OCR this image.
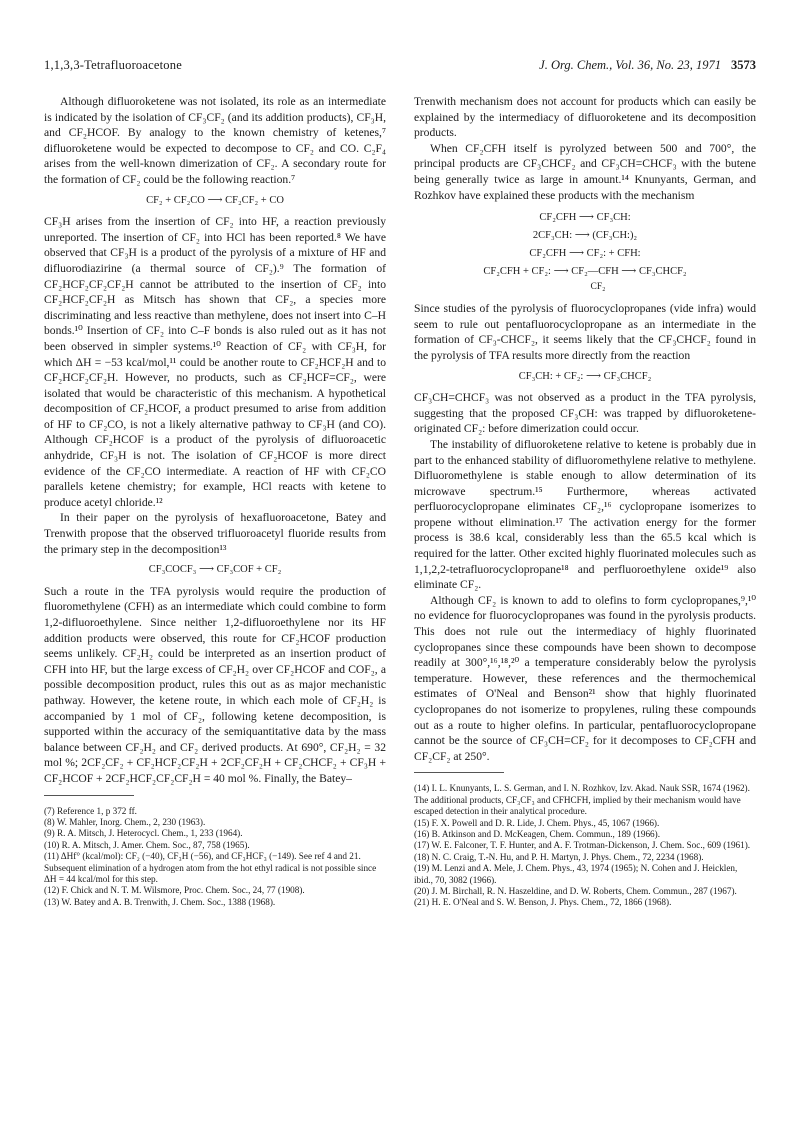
1,1,3,3-Tetrafluoroacetone	J. Org. Chem., Vol. 36, No. 23, 1971 3573

Although difluoroketene was not isolated, its role as an intermediate is indicated by the isolation of CF₃CF₂ (and its addition products), CF₃H, and CF₂HCOF. By analogy to the known chemistry of ketenes,⁷ difluoroketene would be expected to decompose to CF₂ and CO. C₂F₄ arises from the well-known dimerization of CF₂. A secondary route for the formation of CF₂ could be the following reaction.⁷

CF₂ + CF₂CO ⟶ CF₂CF₂ + CO

CF₃H arises from the insertion of CF₂ into HF, a reaction previously unreported. The insertion of CF₂ into HCl has been reported.⁸ We have observed that CF₃H is a product of the pyrolysis of a mixture of HF and difluorodiazirine (a thermal source of CF₂).⁹ The formation of CF₂HCF₂CF₂CF₂H cannot be attributed to the insertion of CF₂ into CF₂HCF₂CF₂H as Mitsch has shown that CF₂, a species more discriminating and less reactive than methylene, does not insert into C–H bonds.¹⁰ Insertion of CF₂ into C–F bonds is also ruled out as it has not been observed in simpler systems.¹⁰ Reaction of CF₂ with CF₃H, for which ΔH = −53 kcal/mol,¹¹ could be another route to CF₂HCF₂H and to CF₂HCF₂CF₂H. However, no products, such as CF₂HCF=CF₂, were isolated that would be characteristic of this mechanism. A hypothetical decomposition of CF₂HCOF, a product presumed to arise from addition of HF to CF₂CO, is not a likely alternative pathway to CF₃H (and CO). Although CF₂HCOF is a product of the pyrolysis of difluoroacetic anhydride, CF₃H is not. The isolation of CF₂HCOF is more direct evidence of the CF₂CO intermediate. A reaction of HF with CF₂CO parallels ketene chemistry; for example, HCl reacts with ketene to produce acetyl chloride.¹²

In their paper on the pyrolysis of hexafluoroacetone, Batey and Trenwith propose that the observed trifluoroacetyl fluoride results from the primary step in the decomposition¹³

CF₃COCF₃ ⟶ CF₃COF + CF₂

Such a route in the TFA pyrolysis would require the production of fluoromethylene (CFH) as an intermediate which could combine to form 1,2-difluoroethylene. Since neither 1,2-difluoroethylene nor its HF addition products were observed, this route for CF₂HCOF production seems unlikely. CF₂H₂ could be interpreted as an insertion product of CFH into HF, but the large excess of CF₂H₂ over CF₂HCOF and COF₂, a possible decomposition product, rules this out as as major mechanistic pathway. However, the ketene route, in which each mole of CF₂H₂ is accompanied by 1 mol of CF₂, following ketene decomposition, is supported within the accuracy of the semiquantitative data by the mass balance between CF₂H₂ and CF₂ derived products. At 690°, CF₂H₂ = 32 mol %; 2CF₂CF₂ + CF₂HCF₂CF₂H + 2CF₂CF₂H + CF₂CHCF₂ + CF₃H + CF₂HCOF + 2CF₂HCF₂CF₂CF₂H = 40 mol %. Finally, the Batey–

(7) Reference 1, p 372 ff.
(8) W. Mahler, Inorg. Chem., 2, 230 (1963).
(9) R. A. Mitsch, J. Heterocycl. Chem., 1, 233 (1964).
(10) R. A. Mitsch, J. Amer. Chem. Soc., 87, 758 (1965).
(11) ΔHf° (kcal/mol): CF₂ (−40), CF₃H (−56), and CF₃HCF₃ (−149). See ref 4 and 21. Subsequent elimination of a hydrogen atom from the hot ethyl radical is not possible since ΔH = 44 kcal/mol for this step.
(12) F. Chick and N. T. M. Wilsmore, Proc. Chem. Soc., 24, 77 (1908).
(13) W. Batey and A. B. Trenwith, J. Chem. Soc., 1388 (1968).

Trenwith mechanism does not account for products which can easily be explained by the intermediacy of difluoroketene and its decomposition products.

When CF₂CFH itself is pyrolyzed between 500 and 700°, the principal products are CF₃CHCF₂ and CF₃CH=CHCF₃ with the butene being generally twice as large in amount.¹⁴ Knunyants, German, and Rozhkov have explained these products with the mechanism

CF₂CFH ⟶ CF₃CH:
2CF₃CH: ⟶ (CF₃CH:)₂
CF₂CFH ⟶ CF₂: + CFH:
CF₂CFH + CF₂: ⟶ CF₂—CFH ⟶ CF₃CHCF₂
CF₂

Since studies of the pyrolysis of fluorocyclopropanes (vide infra) would seem to rule out pentafluorocyclopropane as an intermediate in the formation of CF₃-CHCF₂, it seems likely that the CF₃CHCF₂ found in the pyrolysis of TFA results more directly from the reaction

CF₃CH: + CF₂: ⟶ CF₃CHCF₂

CF₃CH=CHCF₃ was not observed as a product in the TFA pyrolysis, suggesting that the proposed CF₃CH: was trapped by difluoroketene-originated CF₂: before dimerization could occur.

The instability of difluoroketene relative to ketene is probably due in part to the enhanced stability of difluoromethylene relative to methylene. Difluoromethylene is stable enough to allow determination of its microwave spectrum.¹⁵ Furthermore, whereas activated perfluorocyclopropane eliminates CF₂,¹⁶ cyclopropane isomerizes to propene without elimination.¹⁷ The activation energy for the former process is 38.6 kcal, considerably less than the 65.5 kcal which is required for the latter. Other excited highly fluorinated molecules such as 1,1,2,2-tetrafluorocyclopropane¹⁸ and perfluoroethylene oxide¹⁹ also eliminate CF₂.

Although CF₂ is known to add to olefins to form cyclopropanes,⁹,¹⁰ no evidence for fluorocyclopropanes was found in the pyrolysis products. This does not rule out the intermediacy of highly fluorinated cyclopropanes since these compounds have been shown to decompose readily at 300°,¹⁶,¹⁸,²⁰ a temperature considerably below the pyrolysis temperature. However, these references and the thermochemical estimates of O'Neal and Benson²¹ show that highly fluorinated cyclopropanes do not isomerize to propylenes, ruling these compounds out as a route to higher olefins. In particular, pentafluorocyclopropane cannot be the source of CF₃CH=CF₂ for it decomposes to CF₂CFH and CF₂CF₂ at 250°.

(14) I. L. Knunyants, L. S. German, and I. N. Rozhkov, Izv. Akad. Nauk SSR, 1674 (1962). The additional products, CF₃CF₃ and CFHCFH, implied by their mechanism would have escaped detection in their analytical procedure.
(15) F. X. Powell and D. R. Lide, J. Chem. Phys., 45, 1067 (1966).
(16) B. Atkinson and D. McKeagen, Chem. Commun., 189 (1966).
(17) W. E. Falconer, T. F. Hunter, and A. F. Trotman-Dickenson, J. Chem. Soc., 609 (1961).
(18) N. C. Craig, T.-N. Hu, and P. H. Martyn, J. Phys. Chem., 72, 2234 (1968).
(19) M. Lenzi and A. Mele, J. Chem. Phys., 43, 1974 (1965); N. Cohen and J. Heicklen, ibid., 70, 3082 (1966).
(20) J. M. Birchall, R. N. Haszeldine, and D. W. Roberts, Chem. Commun., 287 (1967).
(21) H. E. O'Neal and S. W. Benson, J. Phys. Chem., 72, 1866 (1968).
